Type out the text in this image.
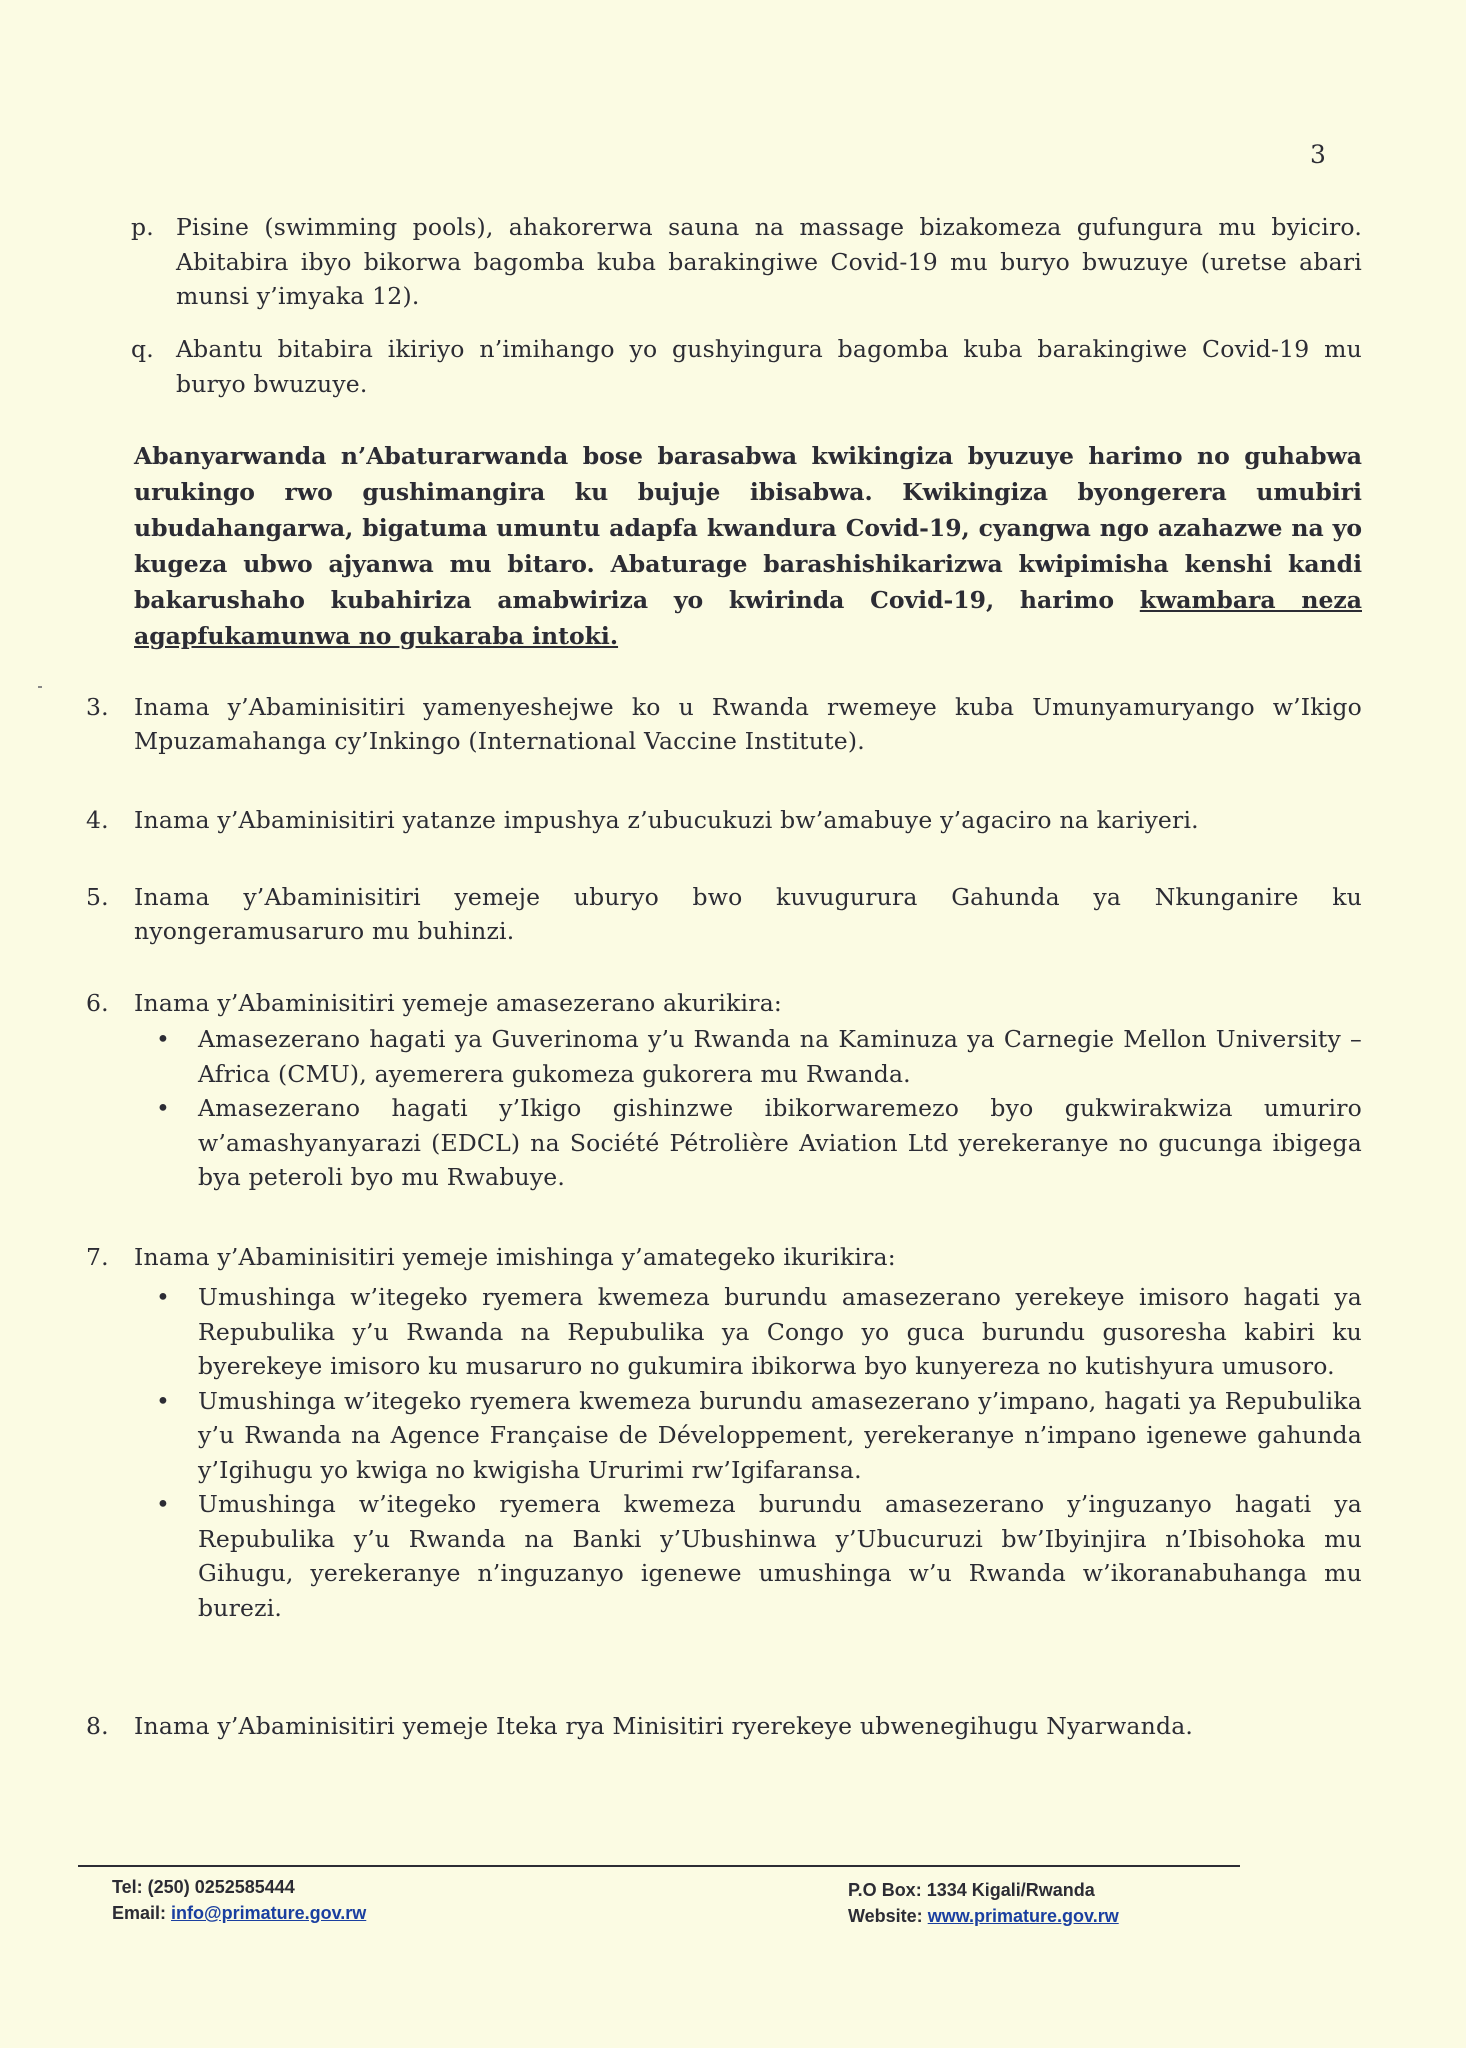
3
p. Pisine (swimming pools), ahakorerwa sauna na massage bizakomeza gufungura mu byiciro. Abitabira ibyo bikorwa bagomba kuba barakingiwe Covid-19 mu buryo bwuzuye (uretse abari munsi y’imyaka 12).
q. Abantu bitabira ikiriyo n’imihango yo gushyingura bagomba kuba barakingiwe Covid-19 mu buryo bwuzuye.
Abanyarwanda n’Abaturarwanda bose barasabwa kwikingiza byuzuye harimo no guhabwa urukingo rwo gushimangira ku bujuje ibisabwa. Kwikingiza byongerera umubiri ubudahangarwa, bigatuma umuntu adapfa kwandura Covid-19, cyangwa ngo azahazwe na yo kugeza ubwo ajyanwa mu bitaro. Abaturage barashishikarizwa kwipimisha kenshi kandi bakarushaho kubahiriza amabwiriza yo kwirinda Covid-19, harimo kwambara neza agapfukamunwa no gukaraba intoki.
3. Inama y’Abaminisitiri yamenyeshejwe ko u Rwanda rwemeye kuba Umunyamuryango w’Ikigo Mpuzamahanga cy’Inkingo (International Vaccine Institute).
4. Inama y’Abaminisitiri yatanze impushya z’ubucukuzi bw’amabuye y’agaciro na kariyeri.
5. Inama y’Abaminisitiri yemeje uburyo bwo kuvugurura Gahunda ya Nkunganire ku nyongeramusaruro mu buhinzi.
6. Inama y’Abaminisitiri yemeje amasezerano akurikira:
• Amasezerano hagati ya Guverinoma y’u Rwanda na Kaminuza ya Carnegie Mellon University – Africa (CMU), ayemerera gukomeza gukorera mu Rwanda.
• Amasezerano hagati y’Ikigo gishinzwe ibikorwaremezo byo gukwirakwiza umuriro w’amashyanyarazi (EDCL) na Société Pétrolière Aviation Ltd yerekeranye no gucunga ibigega bya peteroli byo mu Rwabuye.
7. Inama y’Abaminisitiri yemeje imishinga y’amategeko ikurikira:
• Umushinga w’itegeko ryemera kwemeza burundu amasezerano yerekeye imisoro hagati ya Repubulika y’u Rwanda na Repubulika ya Congo yo guca burundu gusoresha kabiri ku byerekeye imisoro ku musaruro no gukumira ibikorwa byo kunyereza no kutishyura umusoro.
• Umushinga w’itegeko ryemera kwemeza burundu amasezerano y’impano, hagati ya Repubulika y’u Rwanda na Agence Française de Développement, yerekeranye n’impano igenewe gahunda y’Igihugu yo kwiga no kwigisha Ururimi rw’Igifaransa.
• Umushinga w’itegeko ryemera kwemeza burundu amasezerano y’inguzanyo hagati ya Repubulika y’u Rwanda na Banki y’Ubushinwa y’Ubucuruzi bw’Ibyinjira n’Ibisohoka mu Gihugu, yerekeranye n’inguzanyo igenewe umushinga w’u Rwanda w’ikoranabuhanga mu burezi.
8. Inama y’Abaminisitiri yemeje Iteka rya Minisitiri ryerekeye ubwenegihugu Nyarwanda.
Tel: (250) 0252585444
Email: info@primature.gov.rw
P.O Box: 1334 Kigali/Rwanda
Website: www.primature.gov.rw
